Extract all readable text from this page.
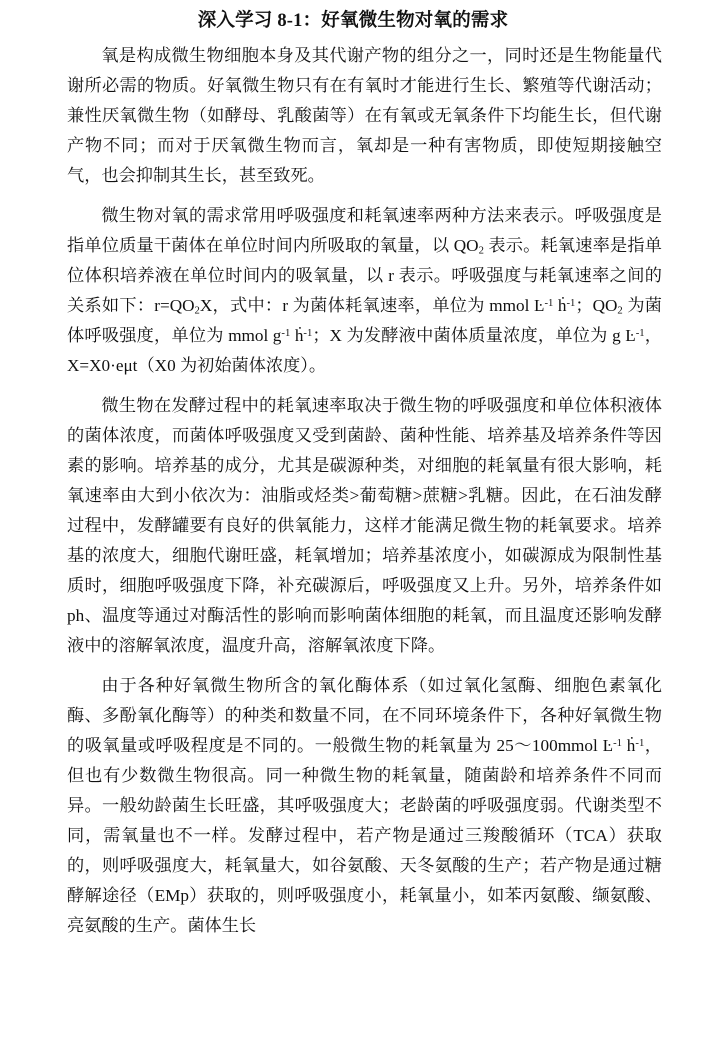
深入学习 8-1：好氧微生物对氧的需求

氧是构成微生物细胞本身及其代谢产物的组分之一，同时还是生物能量代谢所必需的物质。好氧微生物只有在有氧时才能进行生长、繁殖等代谢活动；兼性厌氧微生物（如酵母、乳酸菌等）在有氧或无氧条件下均能生长，但代谢产物不同；而对于厌氧微生物而言，氧却是一种有害物质，即使短期接触空气，也会抑制其生长，甚至致死。

微生物对氧的需求常用呼吸强度和耗氧速率两种方法来表示。呼吸强度是指单位质量干菌体在单位时间内所吸取的氧量，以 $QO_2$ 表示。耗氧速率是指单位体积培养液在单位时间内的吸氧量，以 r 表示。呼吸强度与耗氧速率之间的关系如下：$r=QO_2X$，式中：r 为菌体耗氧速率，单位为 mmol $Ŀ^{-1}$ ḣ$^{-1}$；$QO_2$ 为菌体呼吸强度，单位为 mmol $g^{-1}$ ḣ$^{-1}$；X 为发酵液中菌体质量浓度，单位为 g $Ŀ^{-1}$，X=X0·eμt（X0 为初始菌体浓度）。

微生物在发酵过程中的耗氧速率取决于微生物的呼吸强度和单位体积液体的菌体浓度，而菌体呼吸强度又受到菌龄、菌种性能、培养基及培养条件等因素的影响。培养基的成分，尤其是碳源种类，对细胞的耗氧量有很大影响，耗氧速率由大到小依次为：油脂或烃类>葡萄糖>蔗糖>乳糖。因此，在石油发酵过程中，发酵罐要有良好的供氧能力，这样才能满足微生物的耗氧要求。培养基的浓度大，细胞代谢旺盛，耗氧增加；培养基浓度小，如碳源成为限制性基质时，细胞呼吸强度下降，补充碳源后，呼吸强度又上升。另外，培养条件如 ph、温度等通过对酶活性的影响而影响菌体细胞的耗氧，而且温度还影响发酵液中的溶解氧浓度，温度升高，溶解氧浓度下降。

由于各种好氧微生物所含的氧化酶体系（如过氧化氢酶、细胞色素氧化酶、多酚氧化酶等）的种类和数量不同，在不同环境条件下，各种好氧微生物的吸氧量或呼吸程度是不同的。一般微生物的耗氧量为 25～100mmol $Ŀ^{-1}$ ḣ$^{-1}$，但也有少数微生物很高。同一种微生物的耗氧量，随菌龄和培养条件不同而异。一般幼龄菌生长旺盛，其呼吸强度大；老龄菌的呼吸强度弱。代谢类型不同，需氧量也不一样。发酵过程中，若产物是通过三羧酸循环（TCA）获取的，则呼吸强度大，耗氧量大，如谷氨酸、天冬氨酸的生产；若产物是通过糖酵解途径（EMp）获取的，则呼吸强度小，耗氧量小，如苯丙氨酸、缬氨酸、亮氨酸的生产。菌体生长
